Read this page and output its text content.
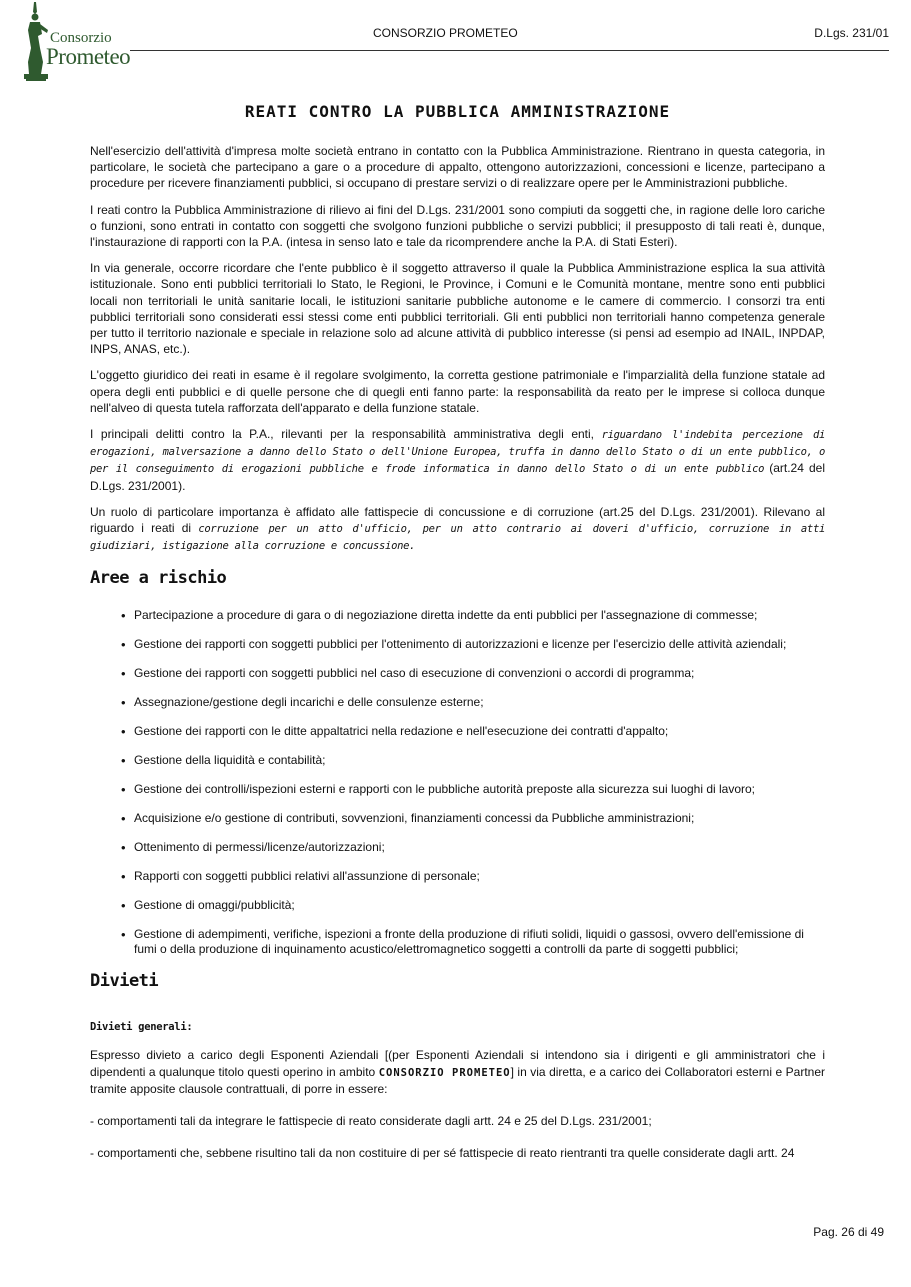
Consorzio
Prometeo
CONSORZIO PROMETEO	D.Lgs. 231/01
REATI CONTRO LA PUBBLICA AMMINISTRAZIONE

Nell'esercizio dell'attività d'impresa molte società entrano in contatto con la Pubblica Amministrazione. Rientrano in questa categoria, in particolare, le società che partecipano a gare o a procedure di appalto, ottengono autorizzazioni, concessioni e licenze, partecipano a procedure per ricevere finanziamenti pubblici, si occupano di prestare servizi o di realizzare opere per le Amministrazioni pubbliche.

I reati contro la Pubblica Amministrazione di rilievo ai fini del D.Lgs. 231/2001 sono compiuti da soggetti che, in ragione delle loro cariche o funzioni, sono entrati in contatto con soggetti che svolgono funzioni pubbliche o servizi pubblici; il presupposto di tali reati è, dunque, l'instaurazione di rapporti con la P.A. (intesa in senso lato e tale da ricomprendere anche la P.A. di Stati Esteri).

In via generale, occorre ricordare che l'ente pubblico è il soggetto attraverso il quale la Pubblica Amministrazione esplica la sua attività istituzionale. Sono enti pubblici territoriali lo Stato, le Regioni, le Province, i Comuni e le Comunità montane, mentre sono enti pubblici locali non territoriali le unità sanitarie locali, le istituzioni sanitarie pubbliche autonome e le camere di commercio. I consorzi tra enti pubblici territoriali sono considerati essi stessi come enti pubblici territoriali. Gli enti pubblici non territoriali hanno competenza generale per tutto il territorio nazionale e speciale in relazione solo ad alcune attività di pubblico interesse (si pensi ad esempio ad INAIL, INPDAP, INPS, ANAS, etc.).

L'oggetto giuridico dei reati in esame è il regolare svolgimento, la corretta gestione patrimoniale e l'imparzialità della funzione statale ad opera degli enti pubblici e di quelle persone che di quegli enti fanno parte: la responsabilità da reato per le imprese si colloca dunque nell'alveo di questa tutela rafforzata dell'apparato e della funzione statale.

I principali delitti contro la P.A., rilevanti per la responsabilità amministrativa degli enti, riguardano l'indebita percezione di erogazioni, malversazione a danno dello Stato o dell'Unione Europea, truffa in danno dello Stato o di un ente pubblico, o per il conseguimento di erogazioni pubbliche e frode informatica in danno dello Stato o di un ente pubblico (art.24 del D.Lgs. 231/2001).

Un ruolo di particolare importanza è affidato alle fattispecie di concussione e di corruzione (art.25 del D.Lgs. 231/2001). Rilevano al riguardo i reati di corruzione per un atto d'ufficio, per un atto contrario ai doveri d'ufficio, corruzione in atti giudiziari, istigazione alla corruzione e concussione.

Aree a rischio
• Partecipazione a procedure di gara o di negoziazione diretta indette da enti pubblici per l'assegnazione di commesse;
• Gestione dei rapporti con soggetti pubblici per l'ottenimento di autorizzazioni e licenze per l'esercizio delle attività aziendali;
• Gestione dei rapporti con soggetti pubblici nel caso di esecuzione di convenzioni o accordi di programma;
• Assegnazione/gestione degli incarichi e delle consulenze esterne;
• Gestione dei rapporti con le ditte appaltatrici nella redazione e nell'esecuzione dei contratti d'appalto;
• Gestione della liquidità e contabilità;
• Gestione dei controlli/ispezioni esterni e rapporti con le pubbliche autorità preposte alla sicurezza sui luoghi di lavoro;
• Acquisizione e/o gestione di contributi, sovvenzioni, finanziamenti concessi da Pubbliche amministrazioni;
• Ottenimento di permessi/licenze/autorizzazioni;
• Rapporti con soggetti pubblici relativi all'assunzione di personale;
• Gestione di omaggi/pubblicità;
• Gestione di adempimenti, verifiche, ispezioni a fronte della produzione di rifiuti solidi, liquidi o gassosi, ovvero dell'emissione di fumi o della produzione di inquinamento acustico/elettromagnetico soggetti a controlli da parte di soggetti pubblici;
Divieti
Divieti generali:

Espresso divieto a carico degli Esponenti Aziendali [(per Esponenti Aziendali si intendono sia i dirigenti e gli amministratori che i dipendenti a qualunque titolo questi operino in ambito CONSORZIO PROMETEO] in via diretta, e a carico dei Collaboratori esterni e Partner tramite apposite clausole contrattuali, di porre in essere:

- comportamenti tali da integrare le fattispecie di reato considerate dagli artt. 24 e 25 del D.Lgs. 231/2001;

- comportamenti che, sebbene risultino tali da non costituire di per sé fattispecie di reato rientranti tra quelle considerate dagli artt. 24

Pag. 26 di 49
